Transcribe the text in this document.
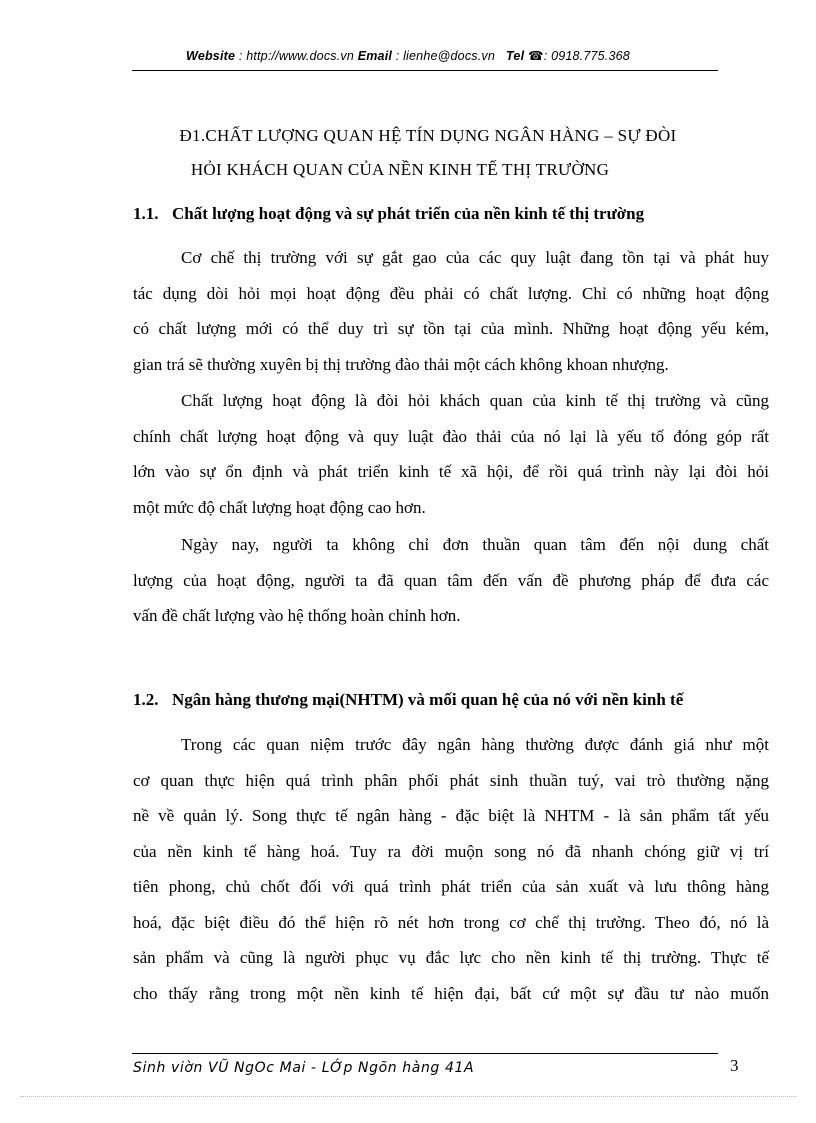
Website : http://www.docs.vn Email : lienhe@docs.vn Tel ☎: 0918.775.368
Đ1.CHẤT LƯỢNG QUAN HỆ TÍN DỤNG NGÂN HÀNG – SỰ ĐÒI
HỎI KHÁCH QUAN CỦA NỀN KINH TẾ THỊ TRƯỜNG
1.1. Chất lượng hoạt động và sự phát triển của nền kinh tế thị trường
Cơ chế thị trường với sự gắt gao của các quy luật đang tồn tại và phát huy
tác dụng dòi hỏi mọi hoạt động đều phải có chất lượng. Chỉ có những hoạt động
có chất lượng mới có thể duy trì sự tồn tại của mình. Những hoạt động yếu kém,
gian trá sẽ thường xuyên bị thị trường đào thải một cách không khoan nhượng.
Chất lượng hoạt động là đòi hỏi khách quan của kinh tế thị trường và cũng
chính chất lượng hoạt động và quy luật đào thải của nó lại là yếu tố đóng góp rất
lớn vào sự ổn định và phát triển kinh tế xã hội, để rồi quá trình này lại đòi hỏi
một mức độ chất lượng hoạt động cao hơn.
Ngày nay, người ta không chỉ đơn thuần quan tâm đến nội dung chất
lượng của hoạt động, người ta đã quan tâm đến vấn đề phương pháp để đưa các
vấn đề chất lượng vào hệ thống hoàn chỉnh hơn.
1.2. Ngân hàng thương mại(NHTM) và mối quan hệ của nó với nền kinh tế
Trong các quan niệm trước đây ngân hàng thường được đánh giá như một
cơ quan thực hiện quá trình phân phối phát sinh thuần tuý, vai trò thường nặng
nề về quản lý. Song thực tế ngân hàng - đặc biệt là NHTM - là sản phẩm tất yếu
của nền kinh tế hàng hoá. Tuy ra đời muộn song nó đã nhanh chóng giữ vị trí
tiên phong, chủ chốt đối với quá trình phát triển của sản xuất và lưu thông hàng
hoá, đặc biệt điều đó thể hiện rõ nét hơn trong cơ chế thị trường. Theo đó, nó là
sản phẩm và cũng là người phục vụ đắc lực cho nền kinh tế thị trường. Thực tế
cho thấy rằng trong một nền kinh tế hiện đại, bất cứ một sự đầu tư nào muốn
Sinh viờn VŨ NgOc Mai - LỚp Ngõn hàng 41A	3
